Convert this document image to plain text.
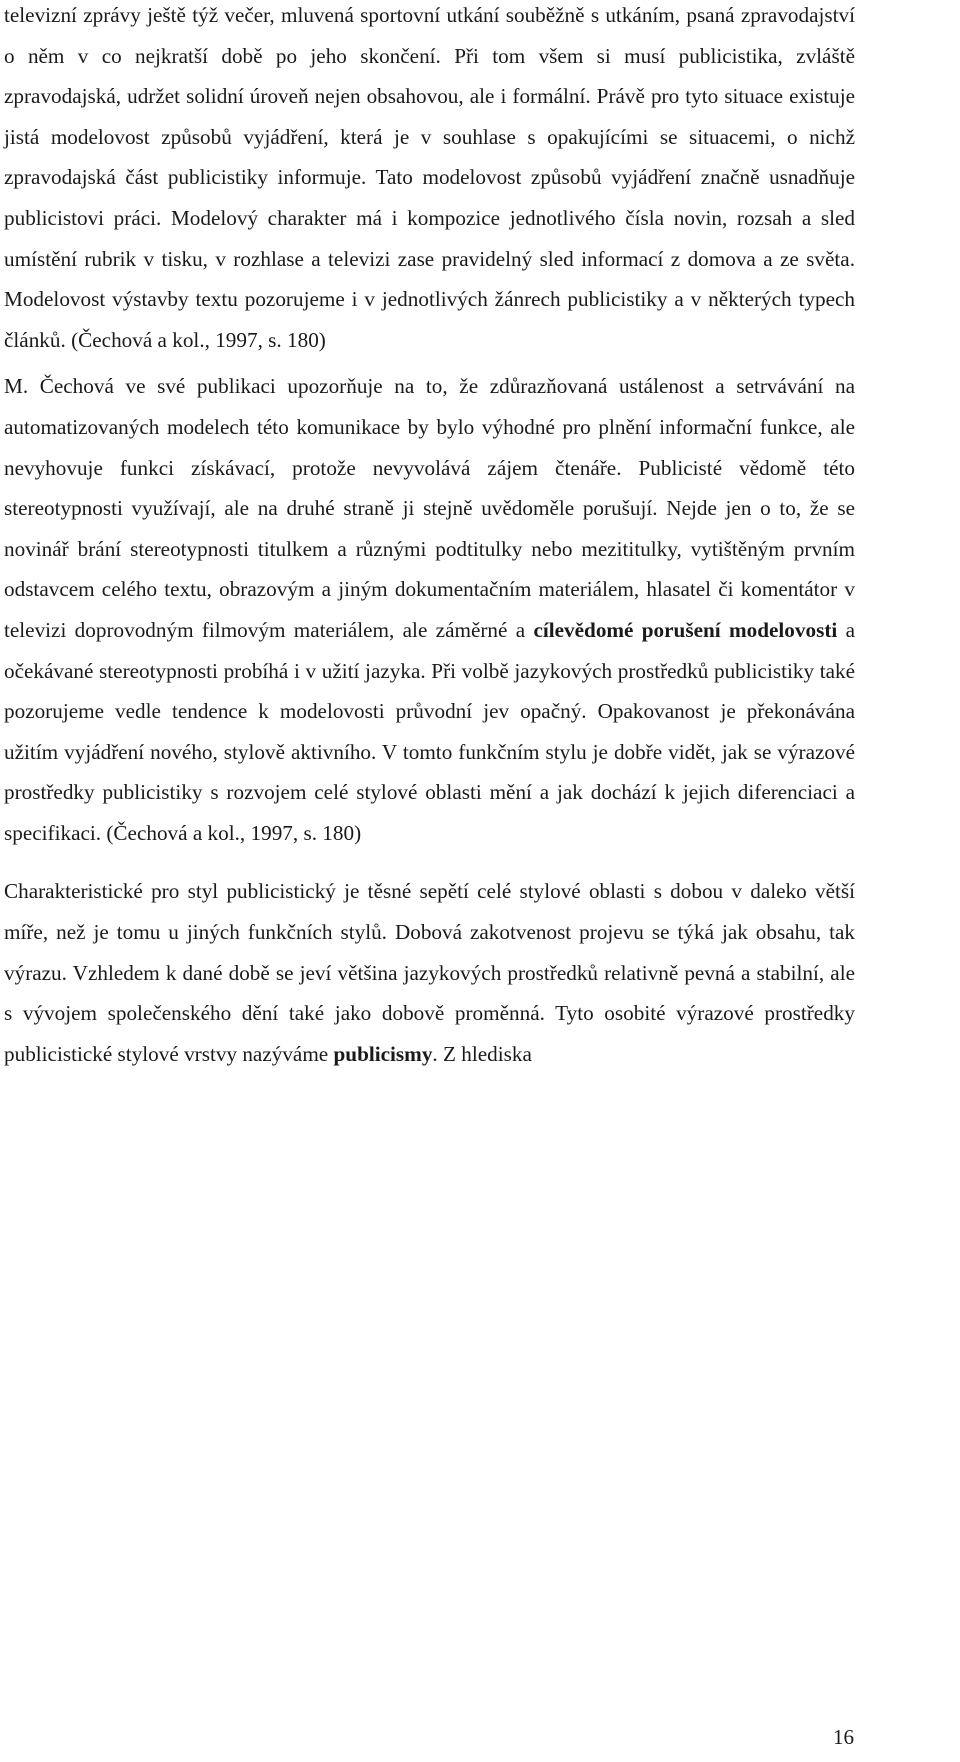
televizní zprávy ještě týž večer, mluvená sportovní utkání souběžně s utkáním, psaná zpravodajství o něm v co nejkratší době po jeho skončení. Při tom všem si musí publicistika, zvláště zpravodajská, udržet solidní úroveň nejen obsahovou, ale i formální. Právě pro tyto situace existuje jistá modelovost způsobů vyjádření, která je v souhlase s opakujícími se situacemi, o nichž zpravodajská část publicistiky informuje. Tato modelovost způsobů vyjádření značně usnadňuje publicistovi práci. Modelový charakter má i kompozice jednotlivého čísla novin, rozsah a sled umístění rubrik v tisku, v rozhlase a televizi zase pravidelný sled informací z domova a ze světa. Modelovost výstavby textu pozorujeme i v jednotlivých žánrech publicistiky a v některých typech článků. (Čechová a kol., 1997, s. 180)

M. Čechová ve své publikaci upozorňuje na to, že zdůrazňovaná ustálenost a setrvávání na automatizovaných modelech této komunikace by bylo výhodné pro plnění informační funkce, ale nevyhovuje funkci získávací, protože nevyvolává zájem čtenáře. Publicisté vědomě této stereotypnosti využívají, ale na druhé straně ji stejně uvědoměle porušují. Nejde jen o to, že se novinář brání stereotypnosti titulkem a různými podtitulky nebo mezititulky, vytištěným prvním odstavcem celého textu, obrazovým a jiným dokumentačním materiálem, hlasatel či komentátor v televizi doprovodným filmovým materiálem, ale záměrné a cílevědomé porušení modelovosti a očekávané stereotypnosti probíhá i v užití jazyka. Při volbě jazykových prostředků publicistiky také pozorujeme vedle tendence k modelovosti průvodní jev opačný. Opakovanost je překonávána užitím vyjádření nového, stylově aktivního. V tomto funkčním stylu je dobře vidět, jak se výrazové prostředky publicistiky s rozvojem celé stylové oblasti mění a jak dochází k jejich diferenciaci a specifikaci. (Čechová a kol., 1997, s. 180)

Charakteristické pro styl publicistický je těsné sepětí celé stylové oblasti s dobou v daleko větší míře, než je tomu u jiných funkčních stylů. Dobová zakotvenost projevu se týká jak obsahu, tak výrazu. Vzhledem k dané době se jeví většina jazykových prostředků relativně pevná a stabilní, ale s vývojem společenského dění také jako dobově proměnná. Tyto osobité výrazové prostředky publicistické stylové vrstvy nazýváme publicismy. Z hlediska

16
